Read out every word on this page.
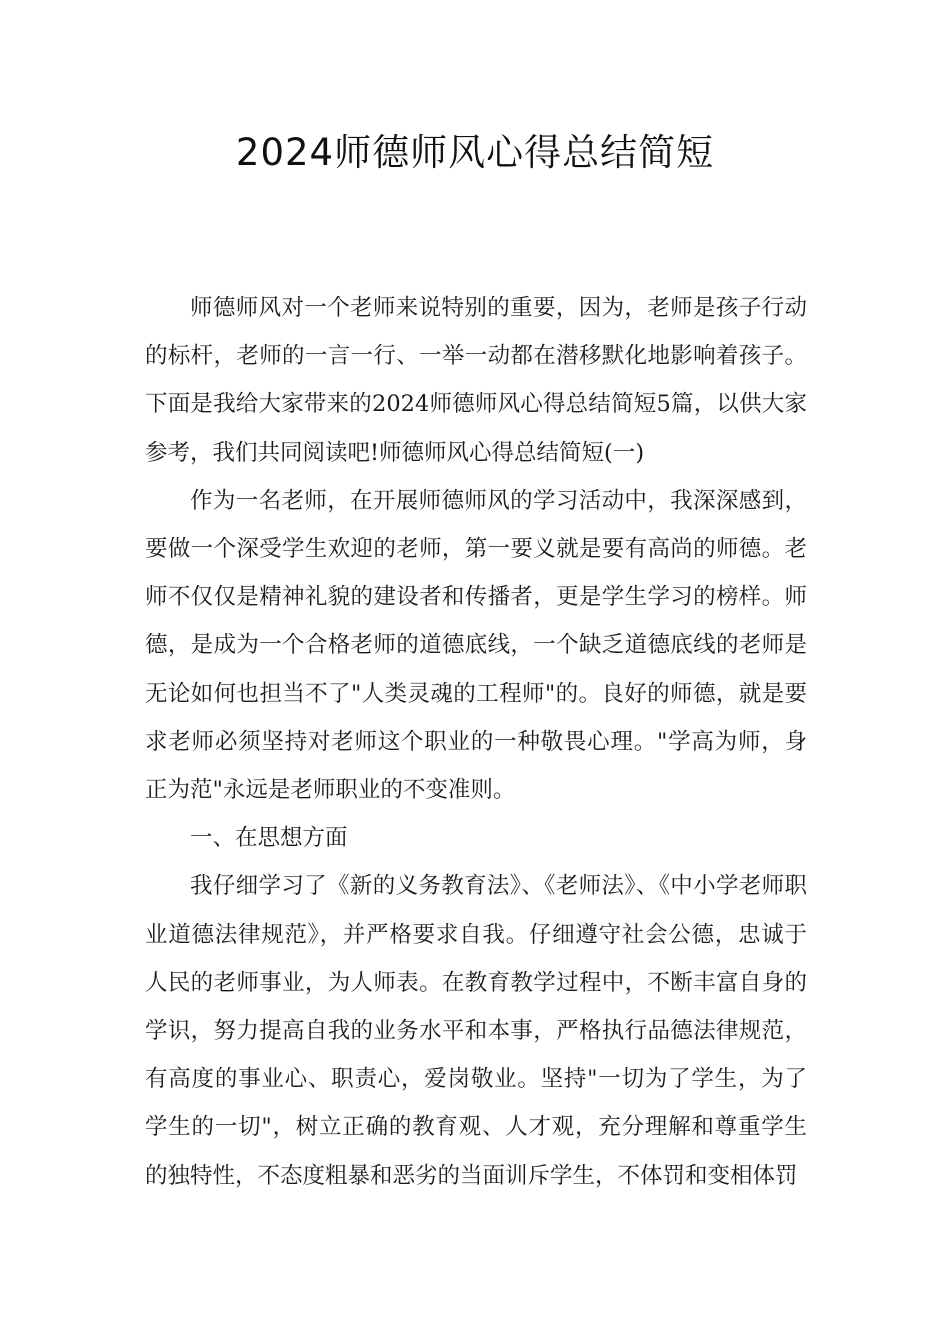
2024师德师风心得总结简短

师德师风对一个老师来说特别的重要，因为，老师是孩子行动的标杆，老师的一言一行、一举一动都在潜移默化地影响着孩子。下面是我给大家带来的2024师德师风心得总结简短5篇，以供大家参考，我们共同阅读吧!师德师风心得总结简短(一)

作为一名老师，在开展师德师风的学习活动中，我深深感到，要做一个深受学生欢迎的老师，第一要义就是要有高尚的师德。老师不仅仅是精神礼貌的建设者和传播者，更是学生学习的榜样。师德，是成为一个合格老师的道德底线，一个缺乏道德底线的老师是无论如何也担当不了"人类灵魂的工程师"的。良好的师德，就是要求老师必须坚持对老师这个职业的一种敬畏心理。"学高为师，身正为范"永远是老师职业的不变准则。

一、在思想方面

我仔细学习了《新的义务教育法》、《老师法》、《中小学老师职业道德法律规范》，并严格要求自我。仔细遵守社会公德，忠诚于人民的老师事业，为人师表。在教育教学过程中，不断丰富自身的学识，努力提高自我的业务水平和本事，严格执行品德法律规范，有高度的事业心、职责心，爱岗敬业。坚持"一切为了学生，为了学生的一切"，树立正确的教育观、人才观，充分理解和尊重学生的独特性，不态度粗暴和恶劣的当面训斥学生，不体罚和变相体罚
